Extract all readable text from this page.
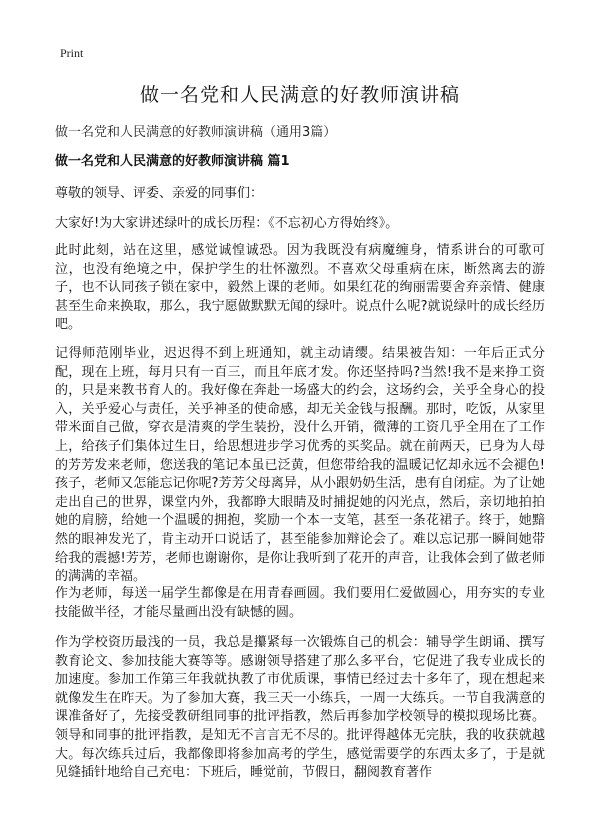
Print
做一名党和人民满意的好教师演讲稿

做一名党和人民满意的好教师演讲稿（通用3篇）

做一名党和人民满意的好教师演讲稿 篇1

尊敬的领导、评委、亲爱的同事们：

大家好!为大家讲述绿叶的成长历程：《不忘初心方得始终》。

此时此刻，站在这里，感觉诚惶诚恐。因为我既没有病魔缠身，情系讲台的可歌可泣，也没有绝境之中，保护学生的壮怀激烈。不喜欢父母重病在床，断然离去的游子，也不认同孩子锁在家中，毅然上课的老师。如果红花的绚丽需要舍弃亲情、健康甚至生命来换取，那么，我宁愿做默默无闻的绿叶。说点什么呢?就说绿叶的成长经历吧。

记得师范刚毕业，迟迟得不到上班通知，就主动请缨。结果被告知：一年后正式分配，现在上班，每月只有一百三，而且年底才发。你还坚持吗?当然!我不是来挣工资的，只是来教书育人的。我好像在奔赴一场盛大的约会，这场约会，关乎全身心的投入，关乎爱心与责任，关乎神圣的使命感，却无关金钱与报酬。那时，吃饭，从家里带米面自己做，穿衣是清爽的学生装扮，没什么开销，微薄的工资几乎全用在了工作上，给孩子们集体过生日，给思想进步学习优秀的买奖品。就在前两天，已身为人母的芳芳发来老师，您送我的笔记本虽已泛黄，但您带给我的温暖记忆却永远不会褪色!孩子，老师又怎能忘记你呢?芳芳父母离异，从小跟奶奶生活，患有自闭症。为了让她走出自己的世界，课堂内外，我都睁大眼睛及时捕捉她的闪光点，然后，亲切地拍拍她的肩膀，给她一个温暖的拥抱，奖励一个本一支笔，甚至一条花裙子。终于，她黯然的眼神发光了，肯主动开口说话了，甚至能参加辩论会了。难以忘记那一瞬间她带给我的震撼!芳芳，老师也谢谢你，是你让我听到了花开的声音，让我体会到了做老师的满满的幸福。

作为老师，每送一届学生都像是在用青春画圆。我们要用仁爱做圆心，用夯实的专业技能做半径，才能尽量画出没有缺憾的圆。

作为学校资历最浅的一员，我总是攥紧每一次锻炼自己的机会：辅导学生朗诵、撰写教育论文、参加技能大赛等等。感谢领导搭建了那么多平台，它促进了我专业成长的加速度。参加工作第三年我就执教了市优质课，事情已经过去十多年了，现在想起来就像发生在昨天。为了参加大赛，我三天一小练兵，一周一大练兵。一节自我满意的课准备好了，先接受教研组同事的批评指教，然后再参加学校领导的模拟现场比赛。领导和同事的批评指教，是知无不言言无不尽的。批评得越体无完肤，我的收获就越大。每次练兵过后，我都像即将参加高考的学生，感觉需要学的东西太多了，于是就见缝插针地给自己充电：下班后，睡觉前，节假日，翻阅教育著作
